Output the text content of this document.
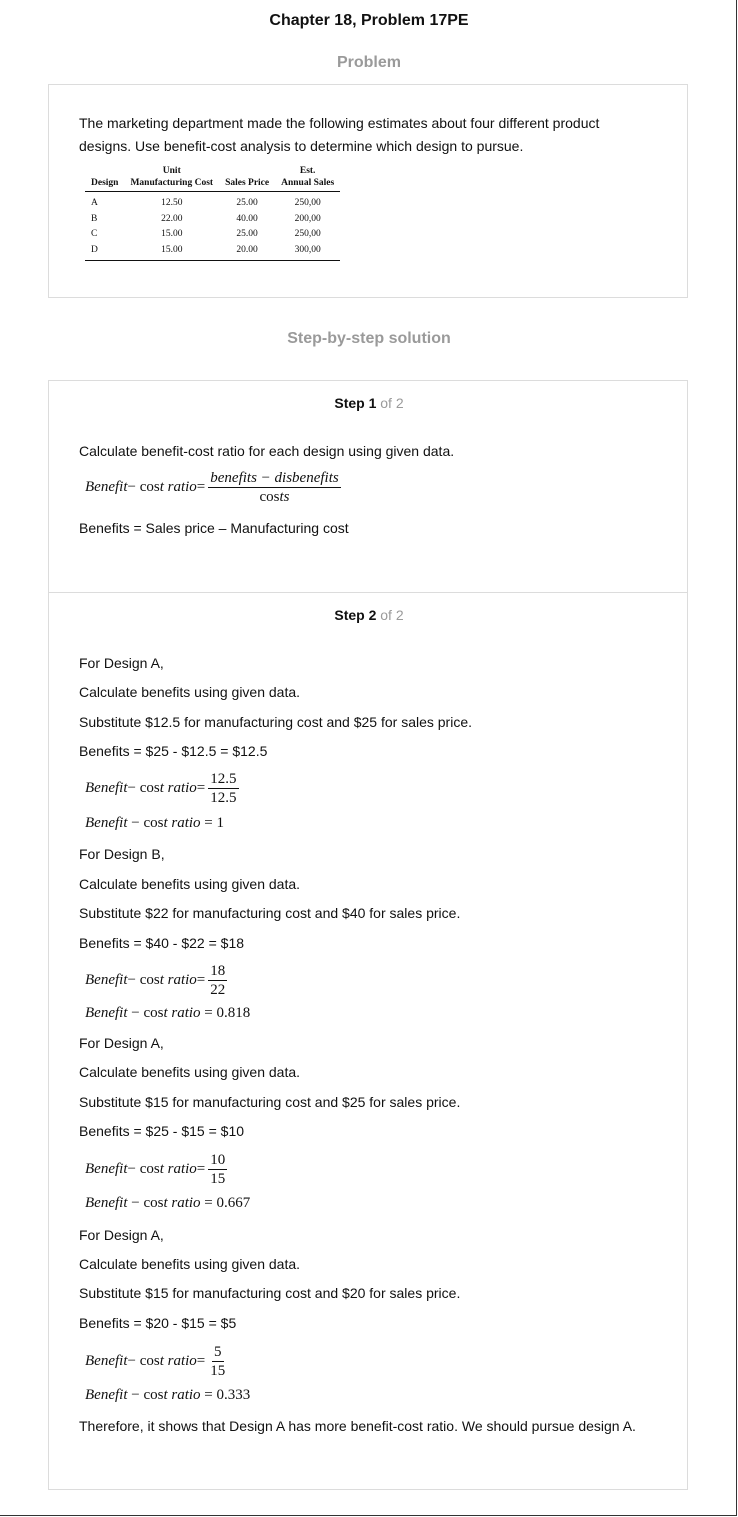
Chapter 18, Problem 17PE
Problem
The marketing department made the following estimates about four different product
designs. Use benefit-cost analysis to determine which design to pursue.
	Unit		Est.
Design	Manufacturing Cost	Sales Price	Annual Sales
A	12.50	25.00	250,00
B	22.00	40.00	200,00
C	15.00	25.00	250,00
D	15.00	20.00	300,00
Step-by-step solution
Step 1 of 2
Calculate benefit-cost ratio for each design using given data.
Benefit − cos t ratio = $\frac{\text{benefits − disbenefits}}{\text{costs}}$
Benefits = Sales price – Manufacturing cost
Step 2 of 2
For Design A,
Calculate benefits using given data.
Substitute $12.5 for manufacturing cost and $25 for sales price.
Benefits = $25 - $12.5 = $12.5
Benefit − cos t ratio = $\frac{12.5}{12.5}$
Benefit − cost ratio = 1
For Design B,
Calculate benefits using given data.
Substitute $22 for manufacturing cost and $40 for sales price.
Benefits = $40 - $22 = $18
Benefit − cos t ratio = $\frac{18}{22}$
Benefit − cost ratio = 0.818
For Design A,
Calculate benefits using given data.
Substitute $15 for manufacturing cost and $25 for sales price.
Benefits = $25 - $15 = $10
Benefit − cos t ratio = $\frac{10}{15}$
Benefit − cost ratio = 0.667
For Design A,
Calculate benefits using given data.
Substitute $15 for manufacturing cost and $20 for sales price.
Benefits = $20 - $15 = $5
Benefit − cos t ratio = $\frac{5}{15}$
Benefit − cost ratio = 0.333
Therefore, it shows that Design A has more benefit-cost ratio. We should pursue design A.
